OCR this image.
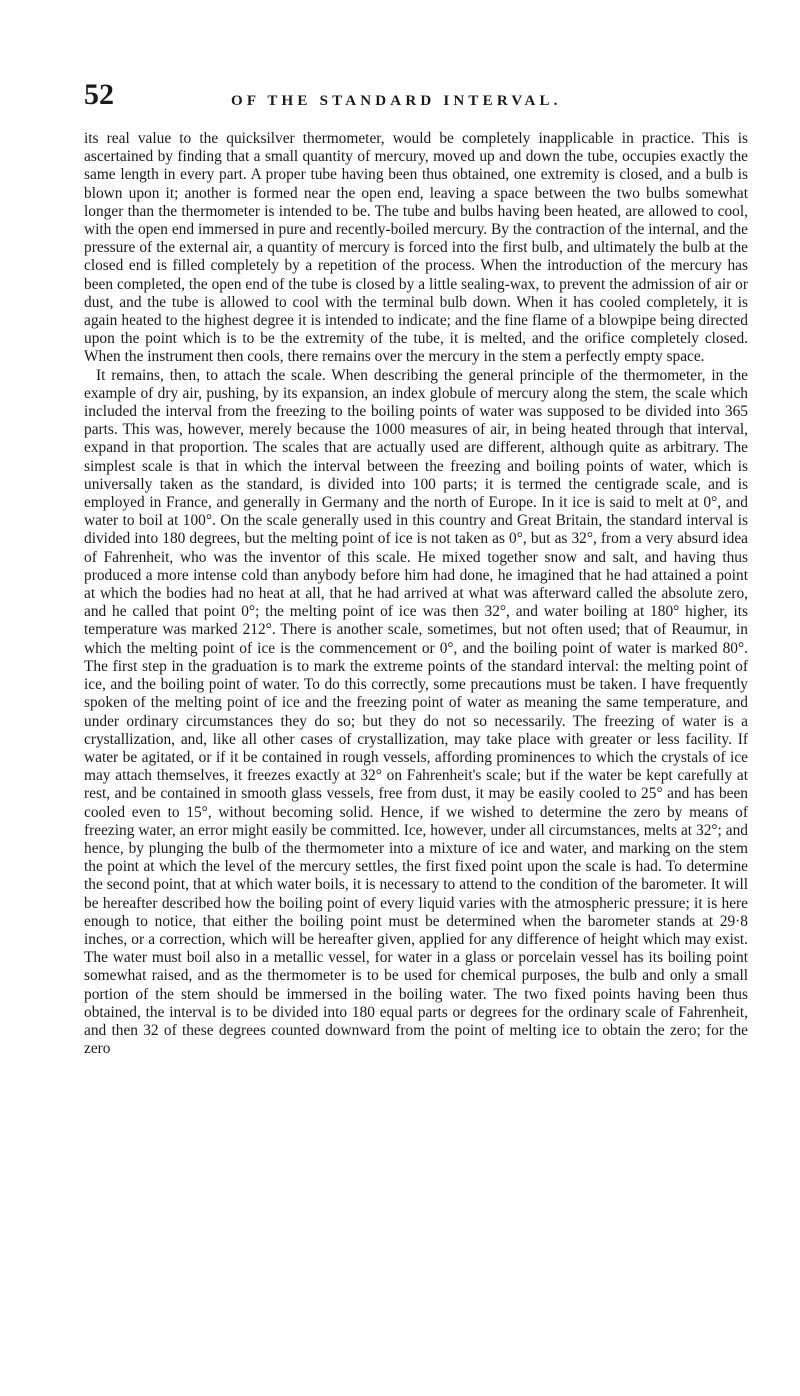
52	OF THE STANDARD INTERVAL.

its real value to the quicksilver thermometer, would be completely inapplicable in practice. This is ascertained by finding that a small quantity of mercury, moved up and down the tube, occupies exactly the same length in every part. A proper tube having been thus obtained, one extremity is closed, and a bulb is blown upon it; another is formed near the open end, leaving a space between the two bulbs somewhat longer than the thermometer is intended to be. The tube and bulbs having been heated, are allowed to cool, with the open end immersed in pure and recently-boiled mercury. By the contraction of the internal, and the pressure of the external air, a quantity of mercury is forced into the first bulb, and ultimately the bulb at the closed end is filled completely by a repetition of the process. When the introduction of the mercury has been completed, the open end of the tube is closed by a little sealing-wax, to prevent the admission of air or dust, and the tube is allowed to cool with the terminal bulb down. When it has cooled completely, it is again heated to the highest degree it is intended to indicate; and the fine flame of a blowpipe being directed upon the point which is to be the extremity of the tube, it is melted, and the orifice completely closed. When the instrument then cools, there remains over the mercury in the stem a perfectly empty space.

It remains, then, to attach the scale. When describing the general principle of the thermometer, in the example of dry air, pushing, by its expansion, an index globule of mercury along the stem, the scale which included the interval from the freezing to the boiling points of water was supposed to be divided into 365 parts. This was, however, merely because the 1000 measures of air, in being heated through that interval, expand in that proportion. The scales that are actually used are different, although quite as arbitrary. The simplest scale is that in which the interval between the freezing and boiling points of water, which is universally taken as the standard, is divided into 100 parts; it is termed the centigrade scale, and is employed in France, and generally in Germany and the north of Europe. In it ice is said to melt at 0°, and water to boil at 100°. On the scale generally used in this country and Great Britain, the standard interval is divided into 180 degrees, but the melting point of ice is not taken as 0°, but as 32°, from a very absurd idea of Fahrenheit, who was the inventor of this scale. He mixed together snow and salt, and having thus produced a more intense cold than anybody before him had done, he imagined that he had attained a point at which the bodies had no heat at all, that he had arrived at what was afterward called the absolute zero, and he called that point 0°; the melting point of ice was then 32°, and water boiling at 180° higher, its temperature was marked 212°. There is another scale, sometimes, but not often used; that of Reaumur, in which the melting point of ice is the commencement or 0°, and the boiling point of water is marked 80°. The first step in the graduation is to mark the extreme points of the standard interval: the melting point of ice, and the boiling point of water. To do this correctly, some precautions must be taken. I have frequently spoken of the melting point of ice and the freezing point of water as meaning the same temperature, and under ordinary circumstances they do so; but they do not so necessarily. The freezing of water is a crystallization, and, like all other cases of crystallization, may take place with greater or less facility. If water be agitated, or if it be contained in rough vessels, affording prominences to which the crystals of ice may attach themselves, it freezes exactly at 32° on Fahrenheit's scale; but if the water be kept carefully at rest, and be contained in smooth glass vessels, free from dust, it may be easily cooled to 25° and has been cooled even to 15°, without becoming solid. Hence, if we wished to determine the zero by means of freezing water, an error might easily be committed. Ice, however, under all circumstances, melts at 32°; and hence, by plunging the bulb of the thermometer into a mixture of ice and water, and marking on the stem the point at which the level of the mercury settles, the first fixed point upon the scale is had. To determine the second point, that at which water boils, it is necessary to attend to the condition of the barometer. It will be hereafter described how the boiling point of every liquid varies with the atmospheric pressure; it is here enough to notice, that either the boiling point must be determined when the barometer stands at 29·8 inches, or a correction, which will be hereafter given, applied for any difference of height which may exist. The water must boil also in a metallic vessel, for water in a glass or porcelain vessel has its boiling point somewhat raised, and as the thermometer is to be used for chemical purposes, the bulb and only a small portion of the stem should be immersed in the boiling water. The two fixed points having been thus obtained, the interval is to be divided into 180 equal parts or degrees for the ordinary scale of Fahrenheit, and then 32 of these degrees counted downward from the point of melting ice to obtain the zero; for the zero
